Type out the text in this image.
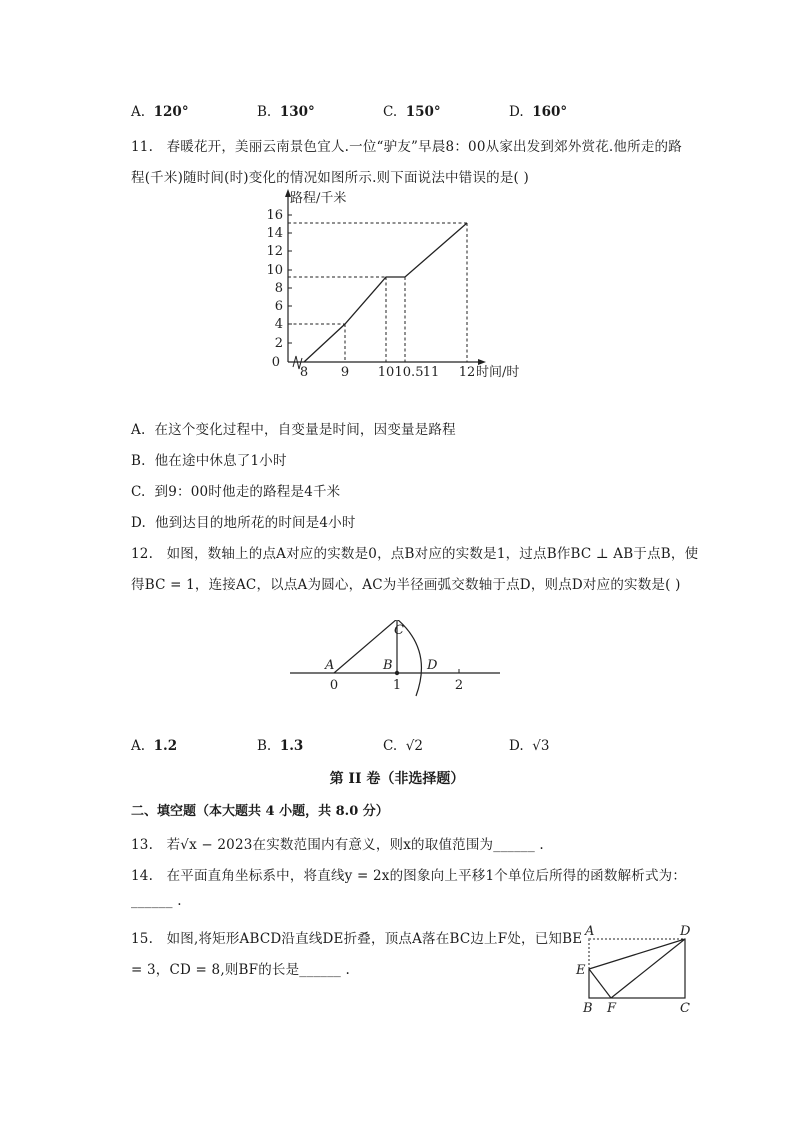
A. 120°	B. 130°	C. 150°	D. 160°
11. 春暖花开，美丽云南景色宜人.一位“驴友”早晨8：00从家出发到郊外赏花.他所走的路
程(千米)随时间(时)变化的情况如图所示.则下面说法中错误的是( )
16
14
12
10
8
6
4
2
0
路程/千米
8	9 10 10.5 11 12 时间/时
A. 在这个变化过程中，自变量是时间，因变量是路程
B. 他在途中休息了1小时
C. 到9：00时他走的路程是4千米
D. 他到达目的地所花的时间是4小时
12. 如图，数轴上的点A对应的实数是0，点B对应的实数是1，过点B作BC ⊥ AB于点B，使
得BC = 1，连接AC，以点A为圆心，AC为半径画弧交数轴于点D，则点D对应的实数是( )
A	B
C
D
0	1	2
A. 1.2	B. 1.3	C. √2	D. √3
第 II 卷（非选择题）
二、填空题（本大题共 4 小题，共 8.0 分）
13. 若√x − 2023在实数范围内有意义，则x的取值范围为______ .
14. 在平面直角坐标系中，将直线y = 2x的图象向上平移1个单位后所得的函数解析式为：
______ .
15. 如图,将矩形ABCD沿直线DE折叠，顶点A落在BC边上F处，已知BE
= 3，CD = 8,则BF的长是______ .
A
B	C
D
E
F
